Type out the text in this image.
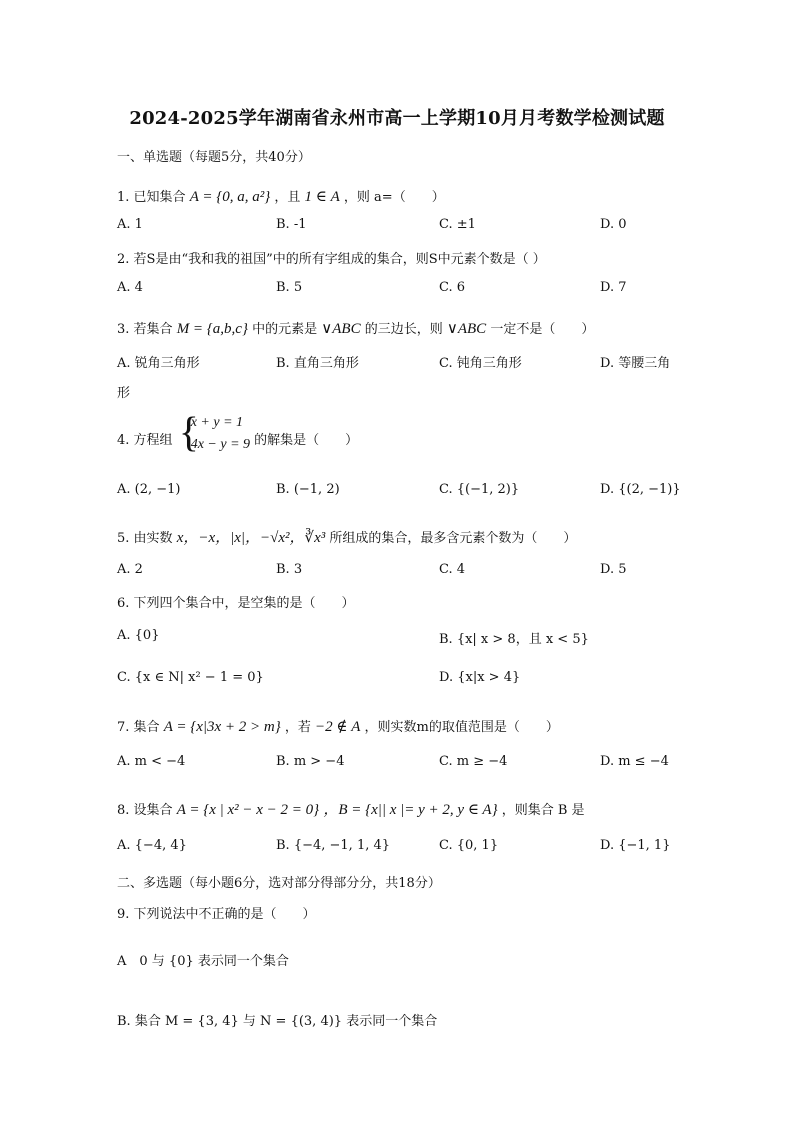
2024-2025学年湖南省永州市高一上学期10月月考数学检测试题
一、单选题（每题5分，共40分）
1. 已知集合 A = {0, a, a²} ，且 1 ∈ A ，则 a=（　　）
A. 1	B. -1	C. ±1	D. 0
2. 若S是由“我和我的祖国”中的所有字组成的集合，则S中元素个数是（ ）
A. 4	B. 5	C. 6	D. 7
3. 若集合 M = {a,b,c} 中的元素是 ∨ABC 的三边长，则 ∨ABC 一定不是（　　）
A. 锐角三角形	B. 直角三角形	C. 钝角三角形	D. 等腰三角
形
4. 方程组 {
x + y = 1
4x − y = 9 的解集是（　　）
A. (2, −1)	B. (−1, 2)	C. {(−1, 2)}	D. {(2, −1)}
5. 由实数 x，−x，|x|，−√x²，∛x³ 所组成的集合，最多含元素个数为（　　）
A. 2	B. 3	C. 4	D. 5
6. 下列四个集合中，是空集的是（　　）
A. {0}	B. {x| x > 8，且 x < 5}
C. {x ∈ N| x² − 1 = 0}	D. {x|x > 4}
7. 集合 A = {x|3x + 2 > m} ，若 −2 ∉ A ，则实数m的取值范围是（　　）
A. m < −4	B. m > −4	C. m ≥ −4	D. m ≤ −4
8. 设集合 A = {x | x² − x − 2 = 0} ，B = {x|| x |= y + 2, y ∈ A} ，则集合 B 是
A. {−4, 4}	B. {−4, −1, 1, 4}	C. {0, 1}	D. {−1, 1}
二、多选题（每小题6分，选对部分得部分分，共18分）
9. 下列说法中不正确的是（　　）
A　0 与 {0} 表示同一个集合
B. 集合 M = {3, 4} 与 N = {(3, 4)} 表示同一个集合
